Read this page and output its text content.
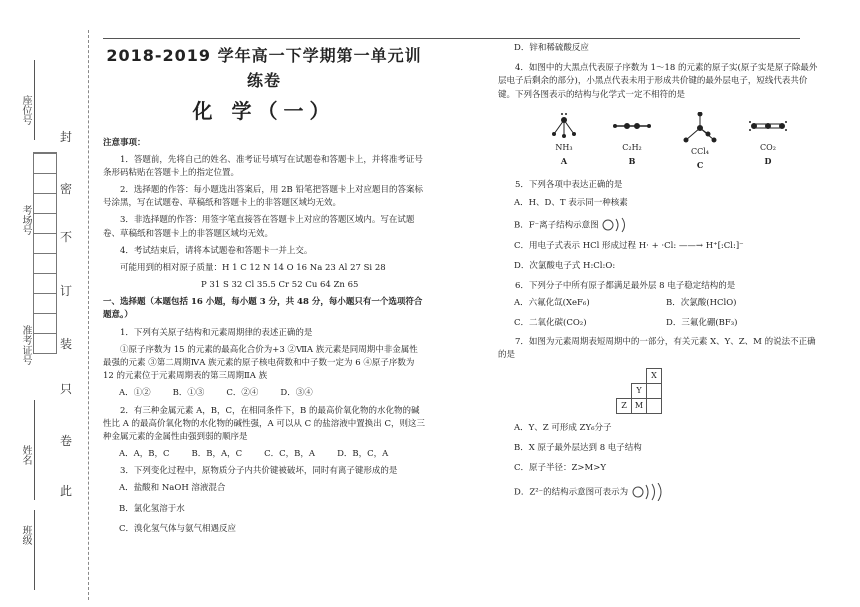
封
密
不
订
装
只
卷
此
座位号
考场号
准考证号
姓名
班级
2018-2019 学年高一下学期第一单元训练卷
化 学（一）

注意事项：

1．答题前，先将自己的姓名、准考证号填写在试题卷和答题卡上，并将准考证号条形码粘贴在答题卡上的指定位置。

2．选择题的作答：每小题选出答案后，用 2B 铅笔把答题卡上对应题目的答案标号涂黑，写在试题卷、草稿纸和答题卡上的非答题区域均无效。

3．非选择题的作答：用签字笔直接答在答题卡上对应的答题区域内。写在试题卷、草稿纸和答题卡上的非答题区域均无效。

4．考试结束后，请将本试题卷和答题卡一并上交。

可能用到的相对原子质量：H 1 C 12 N 14 O 16 Na 23 Al 27 Si 28

P 31 S 32 Cl 35.5 Cr 52 Cu 64 Zn 65

一、选择题（本题包括 16 小题，每小题 3 分，共 48 分，每小题只有一个选项符合题意。）

1．下列有关原子结构和元素周期律的表述正确的是

①原子序数为 15 的元素的最高化合价为+3 ②ⅦA 族元素是同周期中非金属性最强的元素 ③第二周期ⅣA 族元素的原子核电荷数和中子数一定为 6 ④原子序数为 12 的元素位于元素周期表的第三周期ⅡA 族

A．①②	B．①③	C．②④	D．③④

2．有三种金属元素 A，B，C，在相同条件下，B 的最高价氧化物的水化物的碱性比 A 的最高价氧化物的水化物的碱性强，A 可以从 C 的盐溶液中置换出 C，则这三种金属元素的金属性由强到弱的顺序是

A．A，B，C	B．B，A，C	C．C，B，A	D．B，C，A

3．下列变化过程中，原物质分子内共价键被破坏，同时有离子键形成的是

A．盐酸和 NaOH 溶液混合

B．氯化氢溶于水

C．溴化氢气体与氨气相遇反应

D．锌和稀硫酸反应

4．如图中的大黑点代表原子序数为 1～18 的元素的原子实(原子实是原子除最外层电子后剩余的部分)，小黑点代表未用于形成共价键的最外层电子，短线代表共价键。下列各图表示的结构与化学式一定不相符的是

NH₃
A
C₂H₂
B
CCl₄
C
CO₂
D

5．下列各项中表达正确的是

A．H、D、T 表示同一种核素

B．F⁻离子结构示意图

C．用电子式表示 HCl 形成过程 H· + ·Cl: ——→ H⁺[:Cl:]⁻

D．次氯酸电子式 H:Cl:O:

6．下列分子中所有原子都满足最外层 8 电子稳定结构的是

A．六氟化氙(XeF₆)	B．次氯酸(HClO)
C．二氧化碳(CO₂)	D．三氟化硼(BF₃)

7．如图为元素周期表短周期中的一部分，有关元素 X、Y、Z、M 的说法不正确的是

		X
	Y	
Z	M	

A．Y、Z 可形成 ZY₆分子

B．X 原子最外层达到 8 电子结构

C．原子半径：Z>M>Y

D．Z²⁻的结构示意图可表示为
